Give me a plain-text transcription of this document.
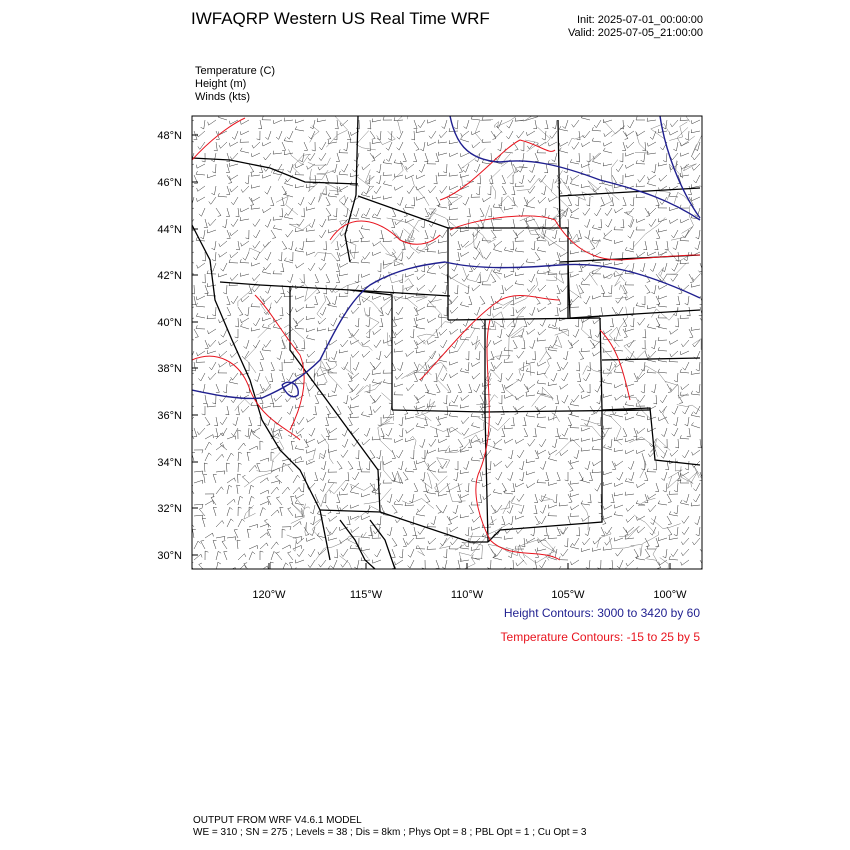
IWFAQRP Western US Real Time WRF	Init: 2025-07-01_00:00:00
Valid: 2025-07-05_21:00:00
Temperature (C)
Height (m)
Winds (kts)
30°N
32°N
34°N
36°N
38°N
40°N
42°N
44°N
46°N
48°N
120°W	115°W	110°W	105°W	100°W
Height Contours: 3000 to 3420 by 60
Temperature Contours: -15 to 25 by 5
OUTPUT FROM WRF V4.6.1 MODEL
WE = 310 ; SN = 275 ; Levels = 38 ; Dis = 8km ; Phys Opt = 8 ; PBL Opt = 1 ; Cu Opt = 3
